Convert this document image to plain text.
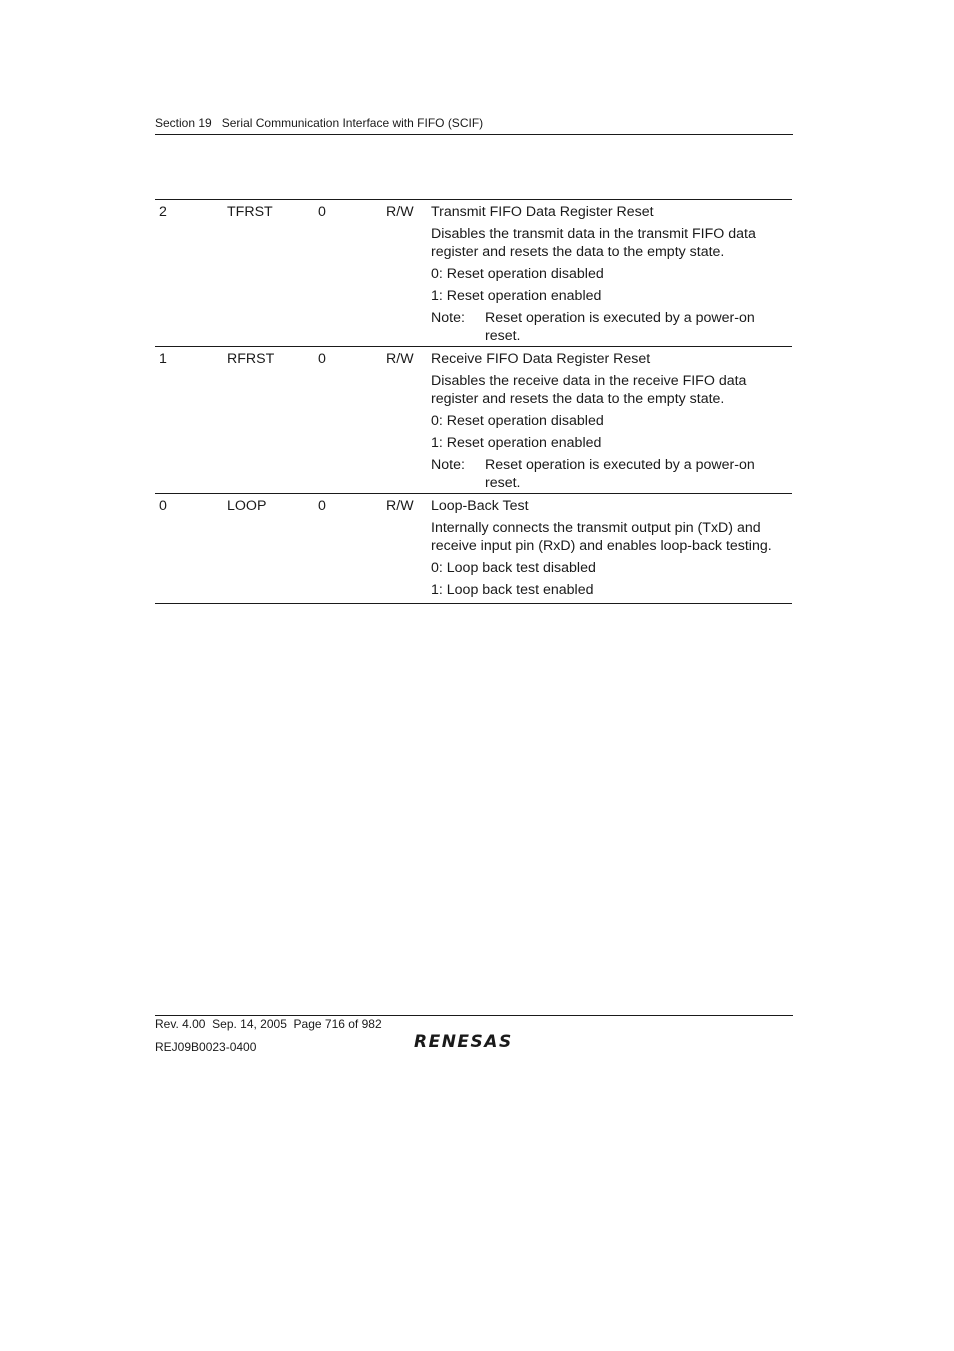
Section 19 Serial Communication Interface with FIFO (SCIF)
2	TFRST	0	R/W Transmit FIFO Data Register Reset

Disables the transmit data in the transmit FIFO data register and resets the data to the empty state.

0: Reset operation disabled

1: Reset operation enabled

Note:	Reset operation is executed by a power-on reset.
1	RFRST	0	R/W Receive FIFO Data Register Reset

Disables the receive data in the receive FIFO data register and resets the data to the empty state.

0: Reset operation disabled

1: Reset operation enabled

Note:	Reset operation is executed by a power-on reset.
0	LOOP	0	R/W Loop-Back Test

Internally connects the transmit output pin (TxD) and receive input pin (RxD) and enables loop-back testing.

0: Loop back test disabled

1: Loop back test enabled

Rev. 4.00  Sep. 14, 2005  Page 716 of 982
REJ09B0023-0400	RENESAS
